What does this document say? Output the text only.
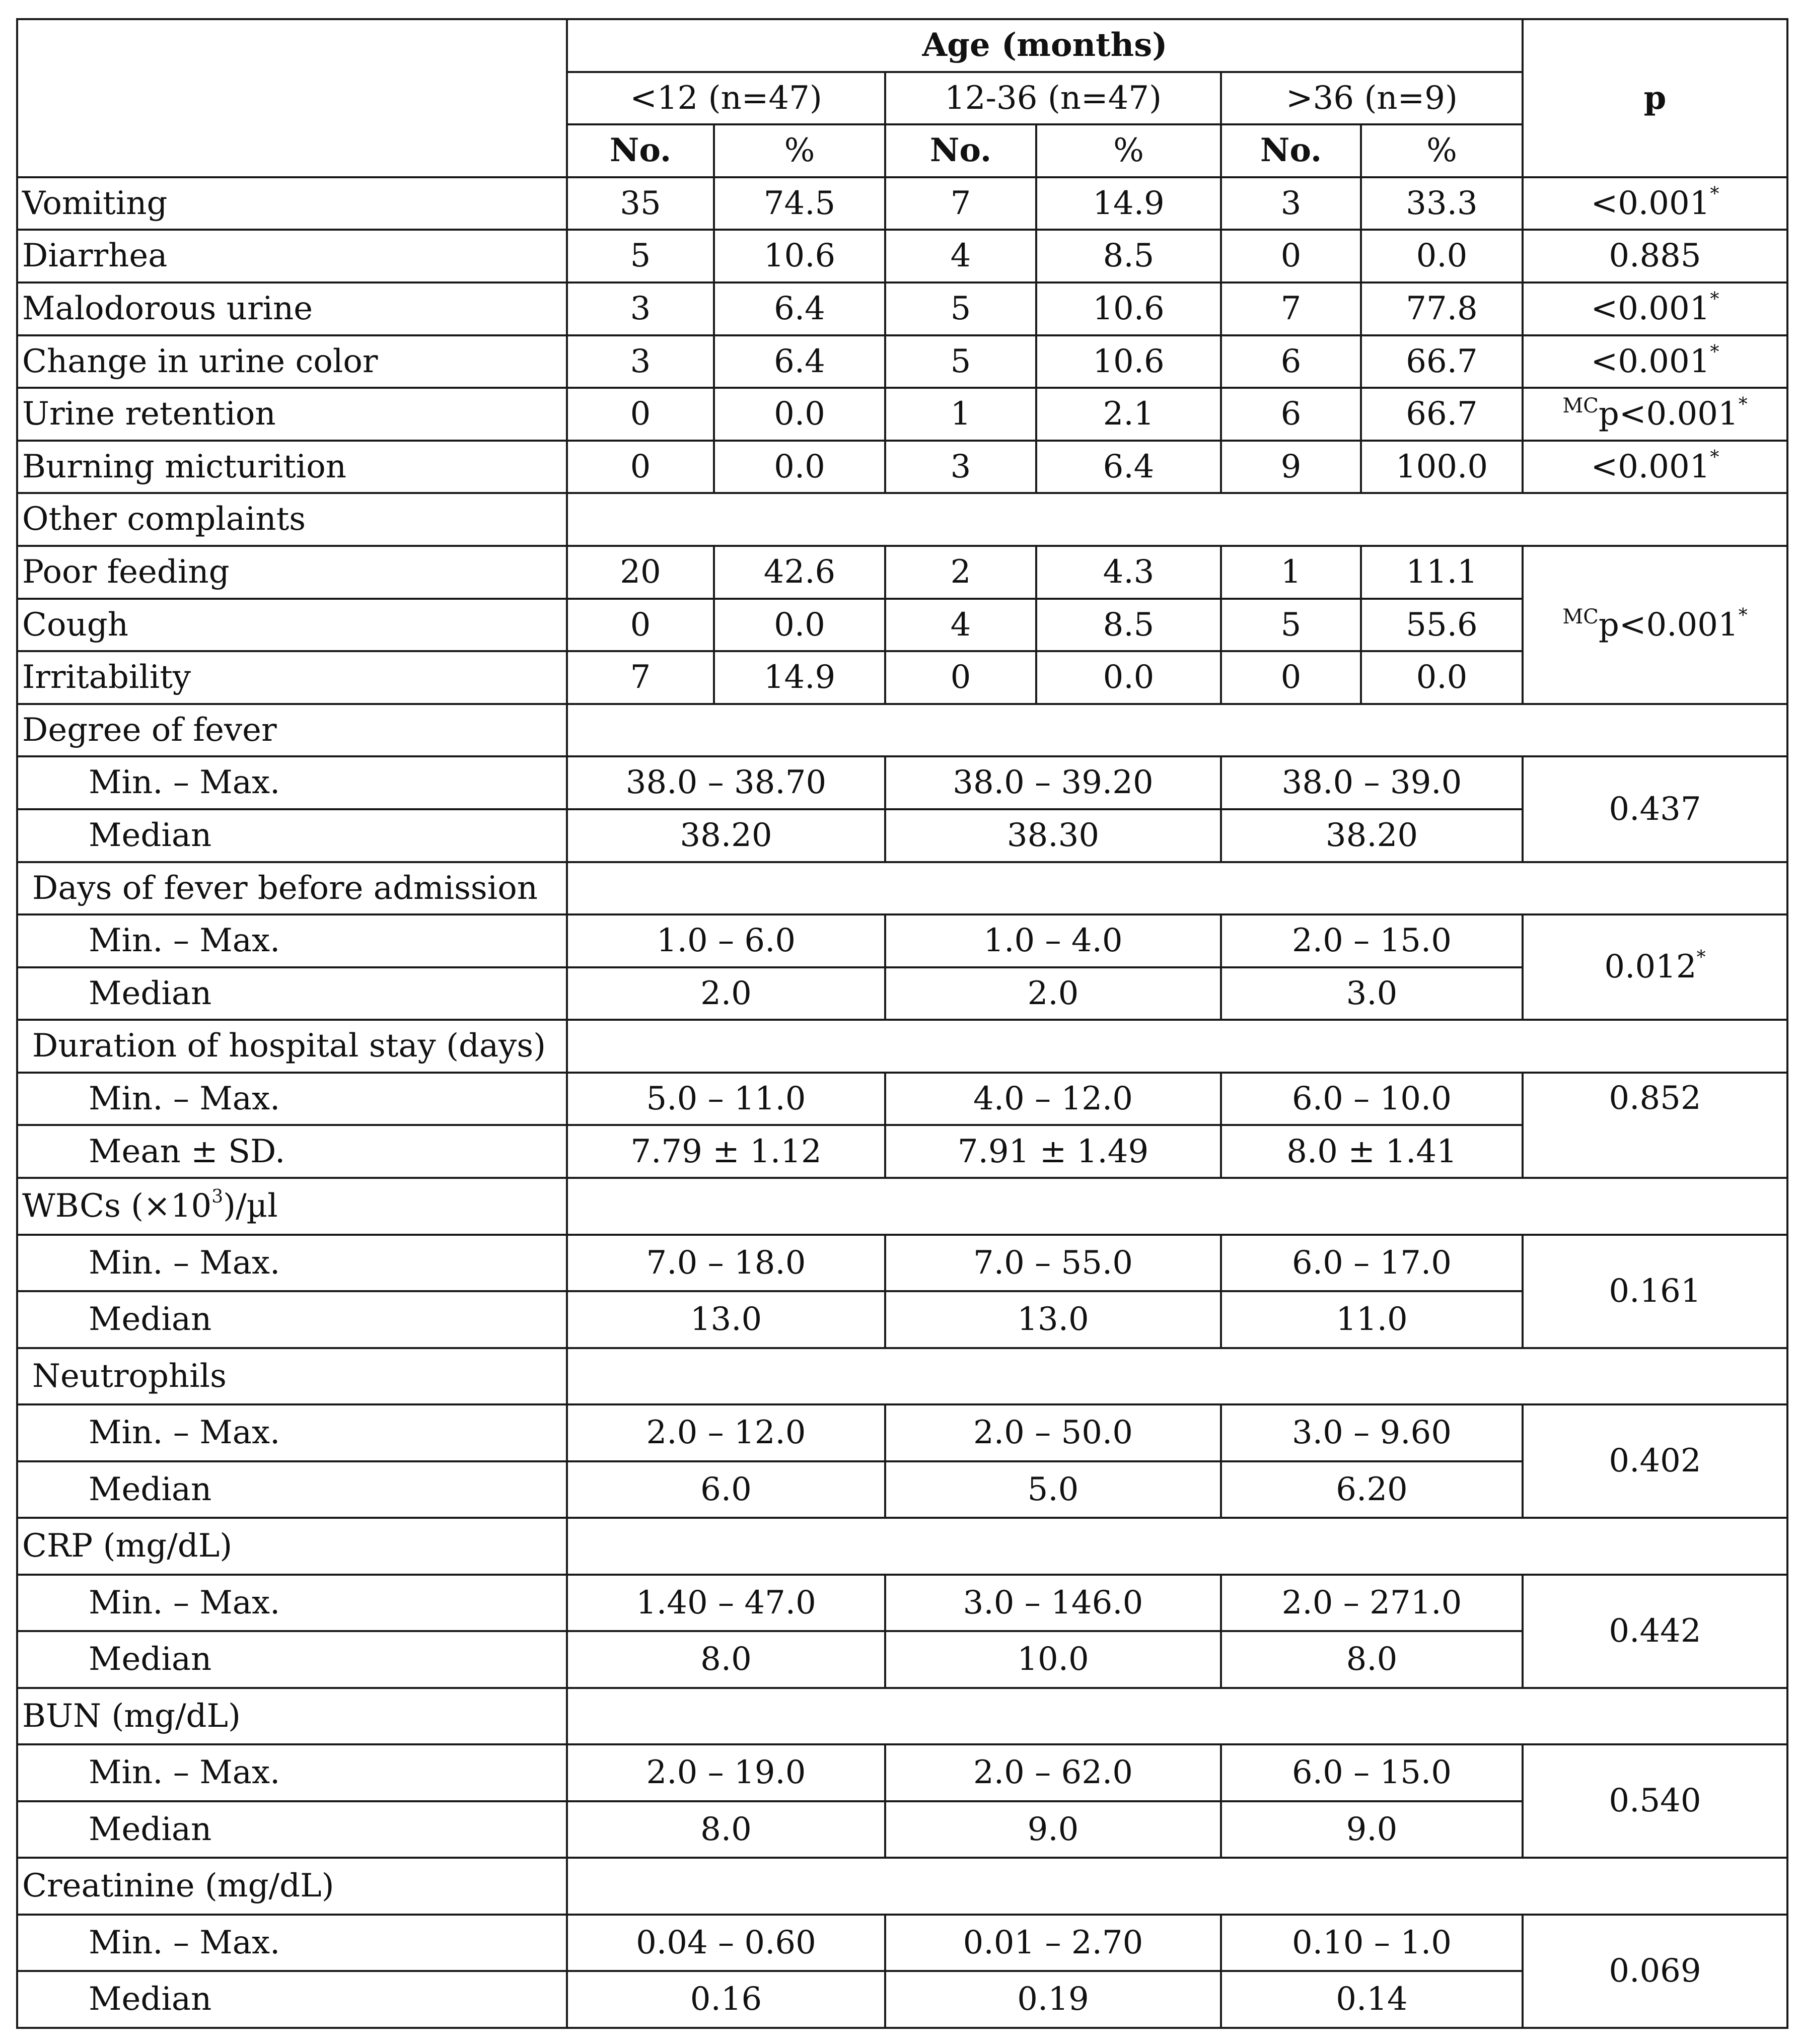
	Age (months)						p
	<12 (n=47)		12-36 (n=47)		>36 (n=9)		
	No.	%	No.	%	No.	%	
Vomiting	35	74.5	7	14.9	3	33.3	<0.001*
Diarrhea	5	10.6	4	8.5	0	0.0	0.885
Malodorous urine	3	6.4	5	10.6	7	77.8	<0.001*
Change in urine color	3	6.4	5	10.6	6	66.7	<0.001*
Urine retention	0	0.0	1	2.1	6	66.7	$^{MC}$p<0.001*
Burning micturition	0	0.0	3	6.4	9	100.0	<0.001*
Other complaints							
Poor feeding	20	42.6	2	4.3	1	11.1	$^{MC}$p<0.001*
Cough	0	0.0	4	8.5	5	55.6	
Irritability	7	14.9	0	0.0	0	0.0	
Degree of fever							
Min. – Max.	38.0 – 38.70		38.0 – 39.20		38.0 – 39.0		0.437
Median	38.20		38.30		38.20		
Days of fever before admission							
Min. – Max.	1.0 – 6.0		1.0 – 4.0		2.0 – 15.0		0.012*
Median	2.0		2.0		3.0		
Duration of hospital stay (days)							
Min. – Max.	5.0 – 11.0		4.0 – 12.0		6.0 – 10.0		0.852
Mean ± SD.	7.79 ± 1.12		7.91 ± 1.49		8.0 ± 1.41		
WBCs $(\times 10^3)/\mu l$							
Min. – Max.	7.0 – 18.0		7.0 – 55.0		6.0 – 17.0		0.161
Median	13.0		13.0		11.0		
Neutrophils							
Min. – Max.	2.0 – 12.0		2.0 – 50.0		3.0 – 9.60		0.402
Median	6.0		5.0		6.20		
CRP (mg/dL)							
Min. – Max.	1.40 – 47.0		3.0 – 146.0		2.0 – 271.0		0.442
Median	8.0		10.0		8.0		
BUN (mg/dL)							
Min. – Max.	2.0 – 19.0		2.0 – 62.0		6.0 – 15.0		0.540
Median	8.0		9.0		9.0		
Creatinine (mg/dL)							
Min. – Max.	0.04 – 0.60		0.01 – 2.70		0.10 – 1.0		0.069
Median	0.16		0.19		0.14		
